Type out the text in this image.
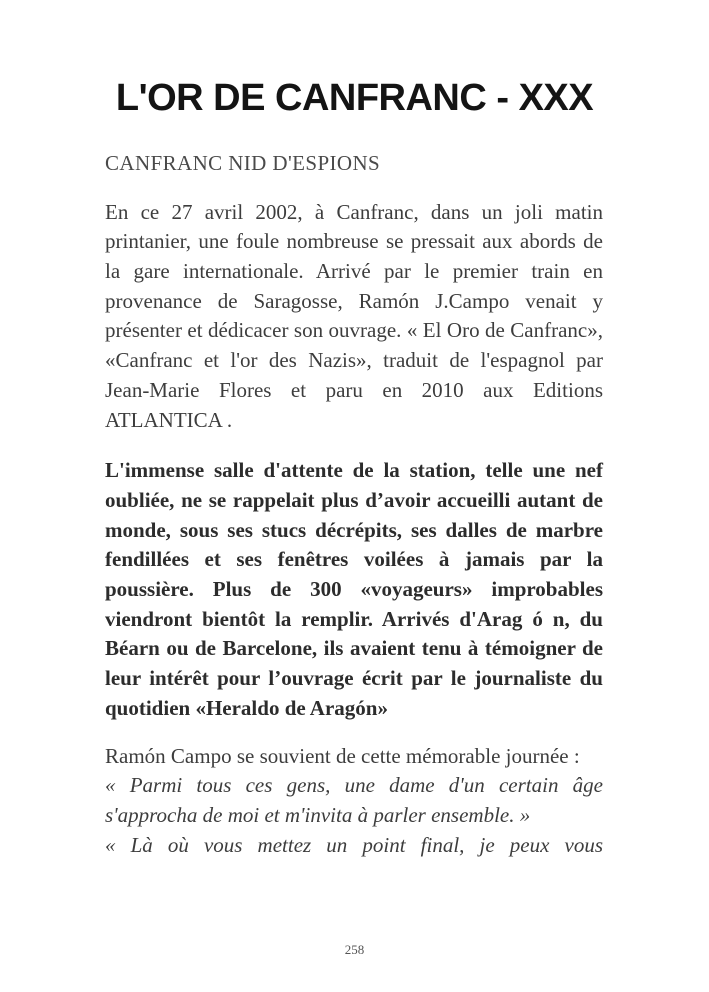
L'OR DE CANFRANC - XXX
CANFRANC NID D'ESPIONS
En ce 27 avril 2002, à Canfranc, dans un joli matin printanier, une foule nombreuse se pressait aux abords de la gare internationale. Arrivé par le premier train en provenance de Saragosse, Ramón J.Campo venait y présenter et dédicacer son ouvrage. « El Oro de Canfranc», «Canfranc et l'or des Nazis», traduit de l'espagnol par Jean-Marie Flores et paru en 2010 aux Editions ATLANTICA .
L'immense salle d'attente de la station, telle une nef oubliée, ne se rappelait plus d’avoir accueilli autant de monde, sous ses stucs décrépits, ses dalles de marbre fendillées et ses fenêtres voilées à jamais par la poussière. Plus de 300 «voyageurs» improbables viendront bientôt la remplir. Arrivés d'Arag ó n, du Béarn ou de Barcelone, ils avaient tenu à témoigner de leur intérêt pour l’ouvrage écrit par le journaliste du quotidien «Heraldo de Aragón»
Ramón Campo se souvient de cette mémorable journée :
« Parmi tous ces gens, une dame d'un certain âge s'approcha de moi et m'invita à parler ensemble. »
« Là où vous mettez un point final, je peux vous
258
